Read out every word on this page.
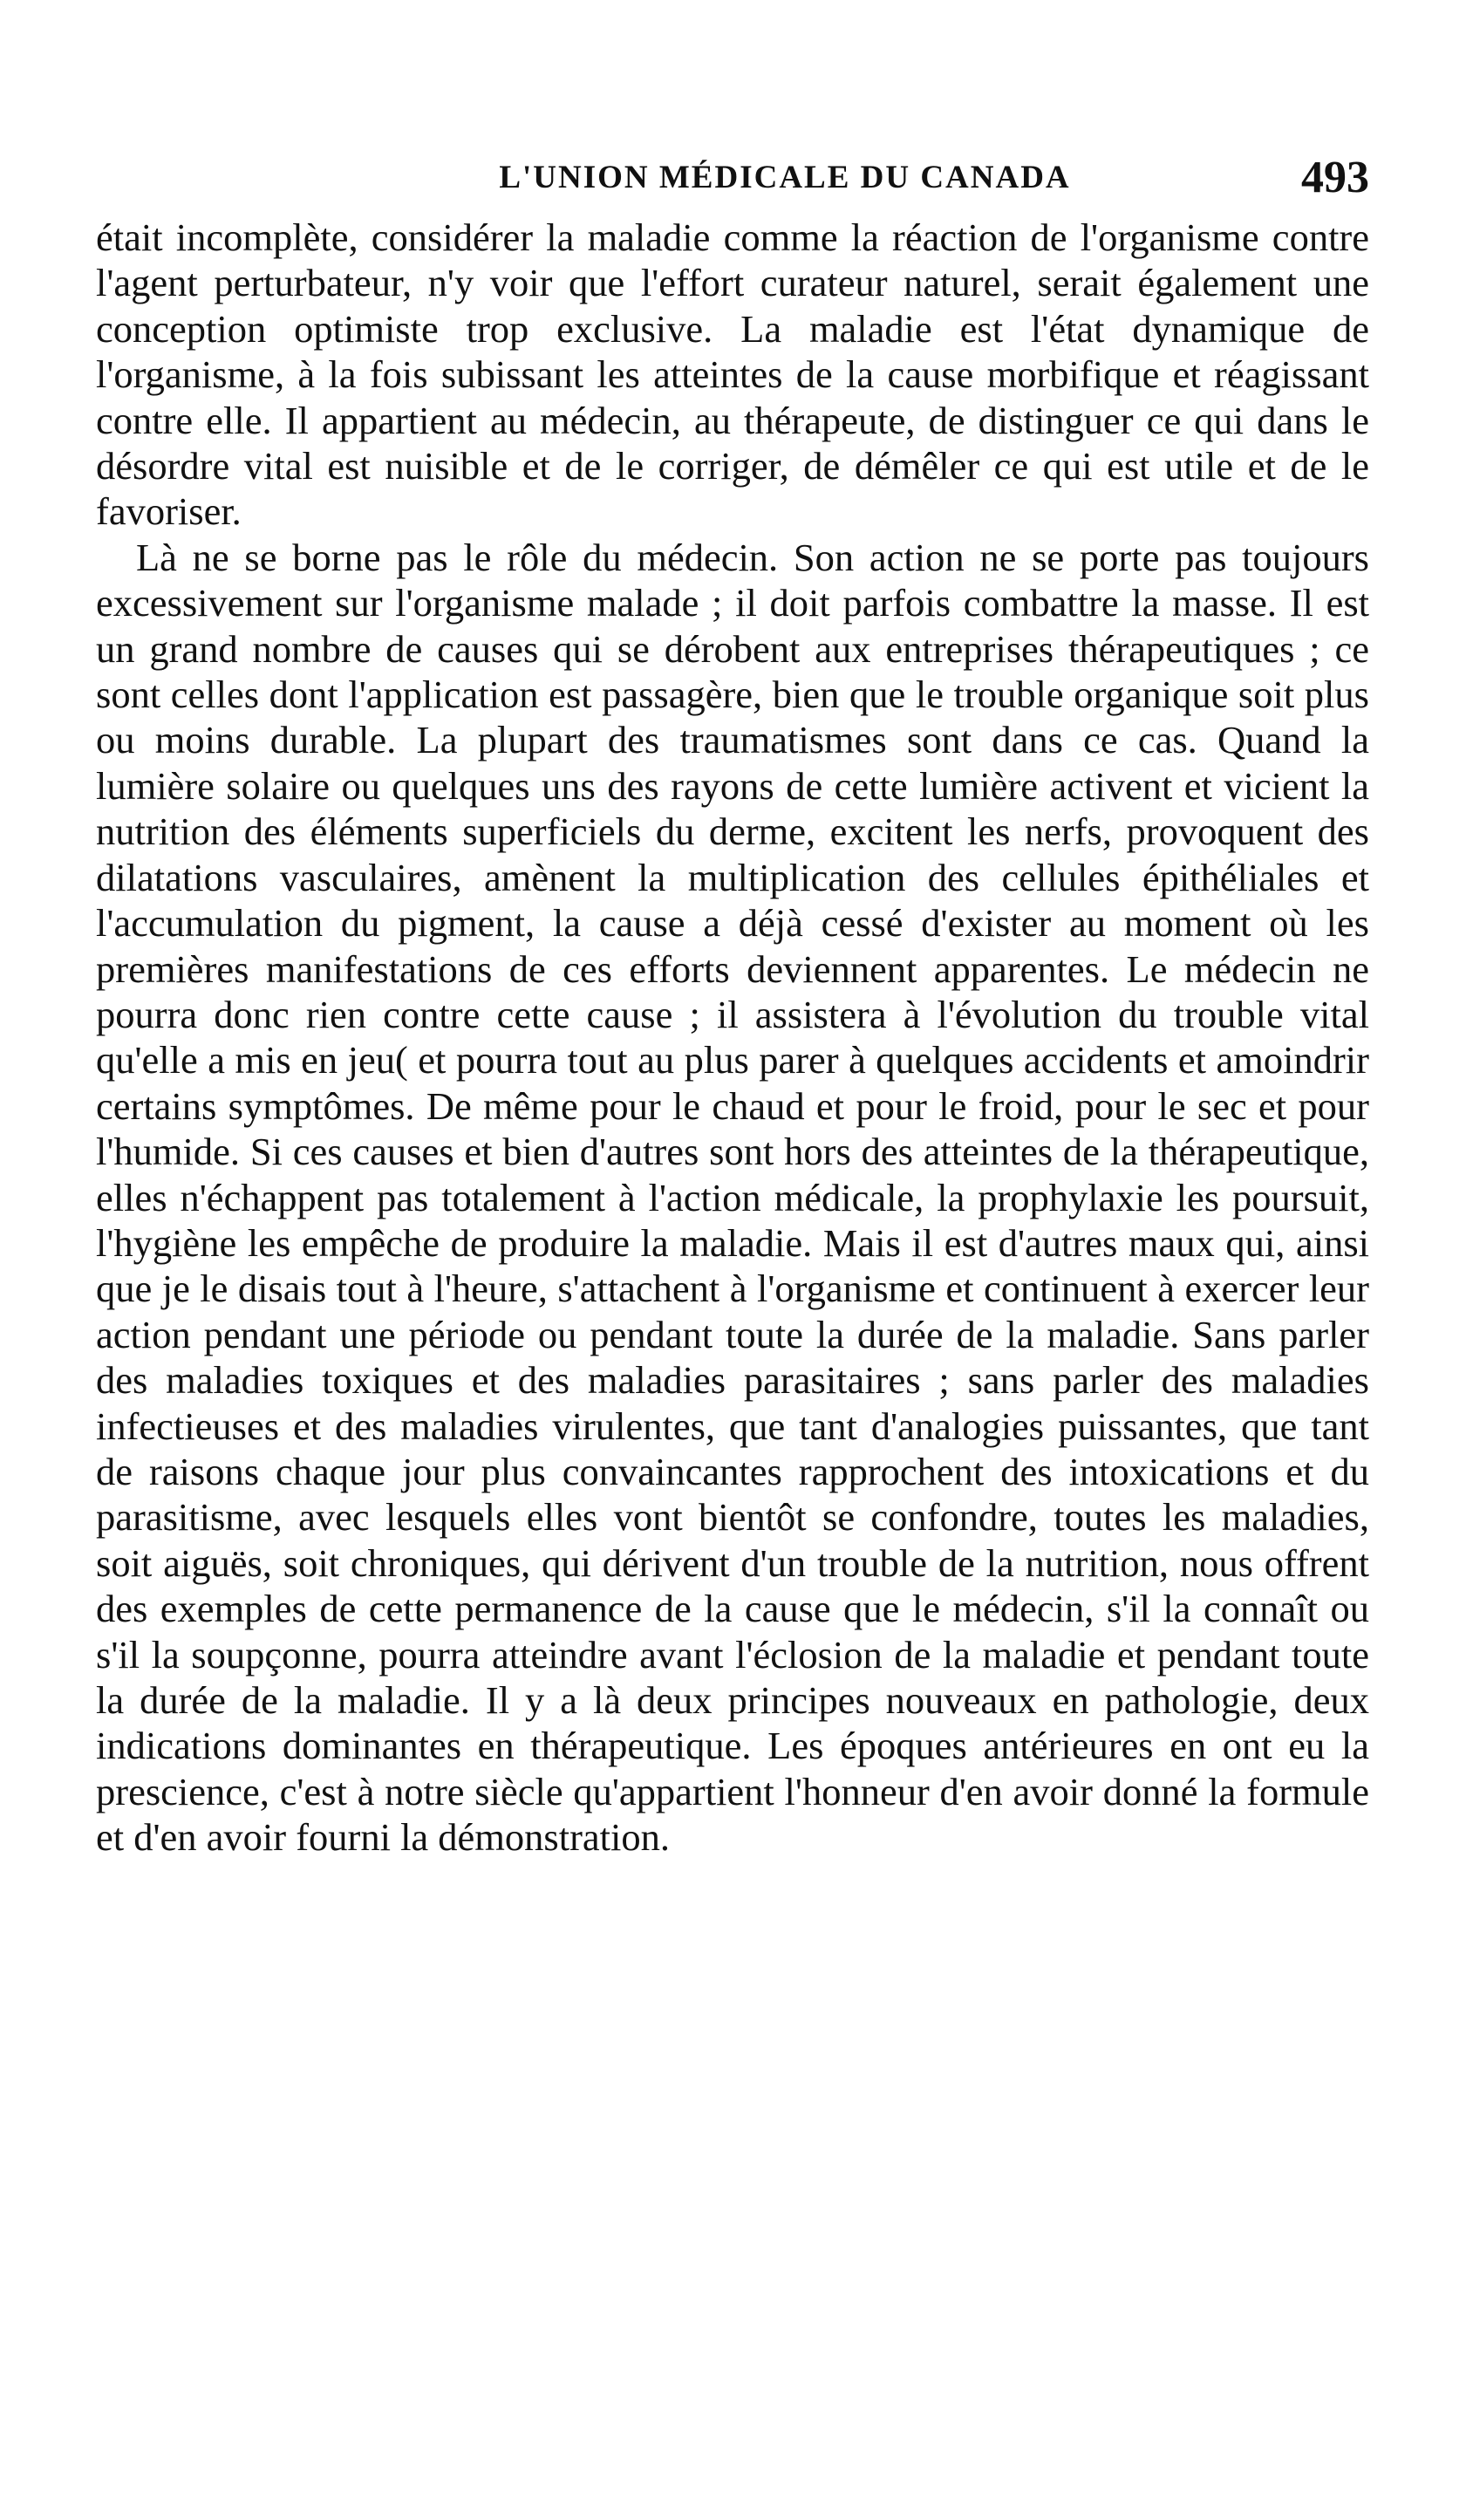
L'UNION MÉDICALE DU CANADA	493

était incomplète, considérer la maladie comme la réaction de l'organisme contre l'agent perturbateur, n'y voir que l'effort curateur naturel, serait également une conception optimiste trop exclusive. La maladie est l'état dynamique de l'organisme, à la fois subissant les atteintes de la cause morbifique et réagissant contre elle. Il appartient au médecin, au thérapeute, de distinguer ce qui dans le désordre vital est nuisible et de le corriger, de démêler ce qui est utile et de le favoriser.

Là ne se borne pas le rôle du médecin. Son action ne se porte pas toujours excessivement sur l'organisme malade ; il doit parfois combattre la masse. Il est un grand nombre de causes qui se dérobent aux entreprises thérapeutiques ; ce sont celles dont l'application est passagère, bien que le trouble organique soit plus ou moins durable. La plupart des traumatismes sont dans ce cas. Quand la lumière solaire ou quelques uns des rayons de cette lumière activent et vicient la nutrition des éléments superficiels du derme, excitent les nerfs, provoquent des dilatations vasculaires, amènent la multiplication des cellules épithéliales et l'accumulation du pigment, la cause a déjà cessé d'exister au moment où les premières manifestations de ces efforts deviennent apparentes. Le médecin ne pourra donc rien contre cette cause ; il assistera à l'évolution du trouble vital qu'elle a mis en jeu( et pourra tout au plus parer à quelques accidents et amoindrir certains symptômes. De même pour le chaud et pour le froid, pour le sec et pour l'humide. Si ces causes et bien d'autres sont hors des atteintes de la thérapeutique, elles n'échappent pas totalement à l'action médicale, la prophylaxie les poursuit, l'hygiène les empêche de produire la maladie. Mais il est d'autres maux qui, ainsi que je le disais tout à l'heure, s'attachent à l'organisme et continuent à exercer leur action pendant une période ou pendant toute la durée de la maladie. Sans parler des maladies toxiques et des maladies parasitaires ; sans parler des maladies infectieuses et des maladies virulentes, que tant d'analogies puissantes, que tant de raisons chaque jour plus convaincantes rapprochent des intoxications et du parasitisme, avec lesquels elles vont bientôt se confondre, toutes les maladies, soit aiguës, soit chroniques, qui dérivent d'un trouble de la nutrition, nous offrent des exemples de cette permanence de la cause que le médecin, s'il la connaît ou s'il la soupçonne, pourra atteindre avant l'éclosion de la maladie et pendant toute la durée de la maladie. Il y a là deux principes nouveaux en pathologie, deux indications dominantes en thérapeutique. Les époques antérieures en ont eu la prescience, c'est à notre siècle qu'appartient l'honneur d'en avoir donné la formule et d'en avoir fourni la démonstration.
